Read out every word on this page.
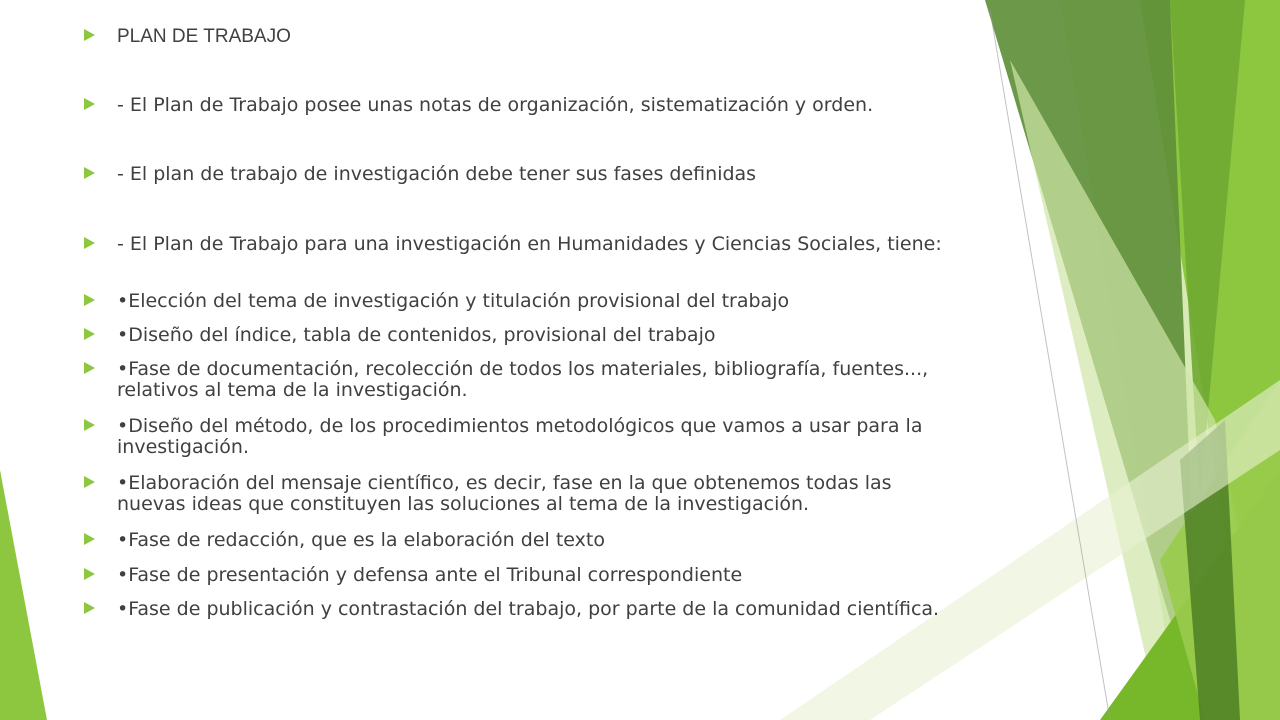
PLAN DE TRABAJO
- El Plan de Trabajo posee unas notas de organización, sistematización y orden.
- El plan de trabajo de investigación debe tener sus fases definidas
- El Plan de Trabajo para una investigación en Humanidades y Ciencias Sociales, tiene:
•Elección del tema de investigación y titulación provisional del trabajo
•Diseño del índice, tabla de contenidos, provisional del trabajo
•Fase de documentación, recolección de todos los materiales, bibliografía, fuentes..., relativos al tema de la investigación.
•Diseño del método, de los procedimientos metodológicos que vamos a usar para la investigación.
•Elaboración del mensaje científico, es decir, fase en la que obtenemos todas las nuevas ideas que constituyen las soluciones al tema de la investigación.
•Fase de redacción, que es la elaboración del texto
•Fase de presentación y defensa ante el Tribunal correspondiente
•Fase de publicación y contrastación del trabajo, por parte de la comunidad científica.
